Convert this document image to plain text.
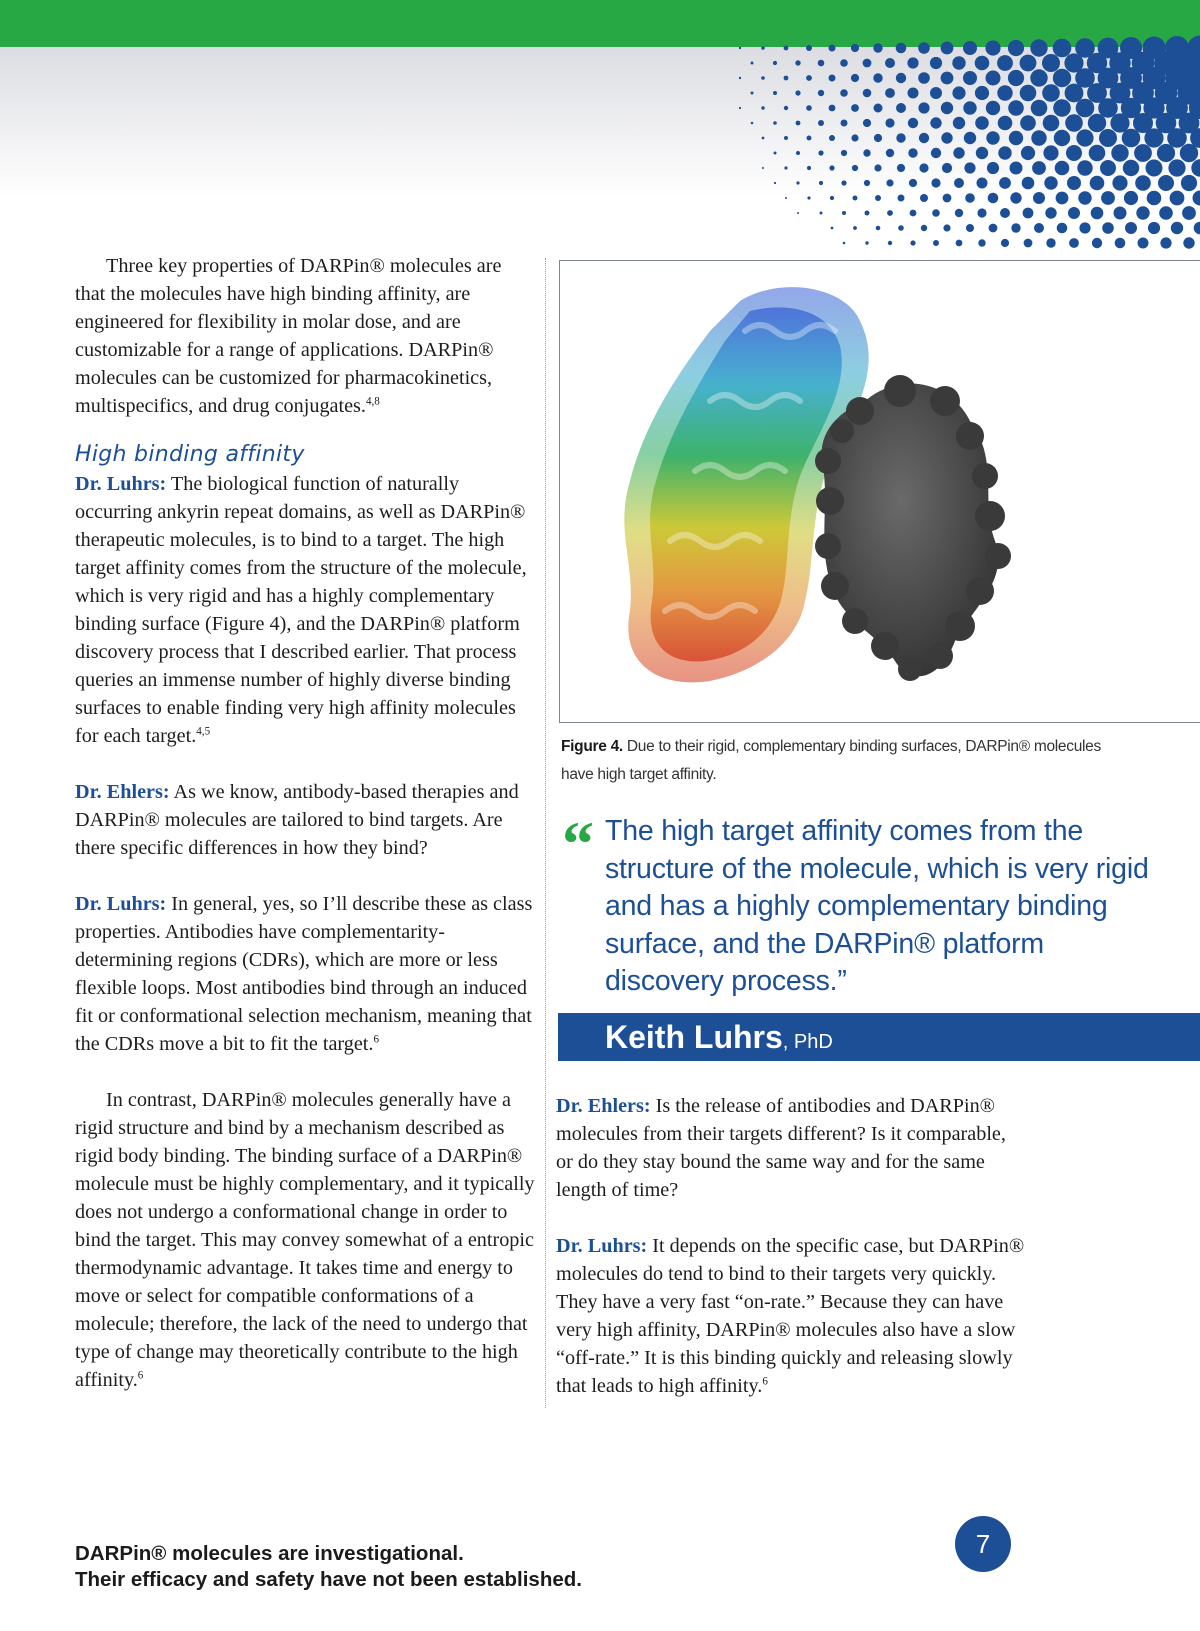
Three key properties of DARPin® molecules are that the molecules have high binding affinity, are engineered for flexibility in molar dose, and are customizable for a range of applications. DARPin® molecules can be customized for pharmacokinetics, multispecifics, and drug conjugates.$^{4,8}$

High binding affinity

Dr. Luhrs: The biological function of naturally occurring ankyrin repeat domains, as well as DARPin® therapeutic molecules, is to bind to a target. The high target affinity comes from the structure of the molecule, which is very rigid and has a highly complementary binding surface (Figure 4), and the DARPin® platform discovery process that I described earlier. That process queries an immense number of highly diverse binding surfaces to enable finding very high affinity molecules for each target.$^{4,5}$

Dr. Ehlers: As we know, antibody-based therapies and DARPin® molecules are tailored to bind targets. Are there specific differences in how they bind?

Dr. Luhrs: In general, yes, so I’ll describe these as class properties. Antibodies have complementarity-determining regions (CDRs), which are more or less flexible loops. Most antibodies bind through an induced fit or conformational selection mechanism, meaning that the CDRs move a bit to fit the target.$^6$

In contrast, DARPin® molecules generally have a rigid structure and bind by a mechanism described as rigid body binding. The binding surface of a DARPin® molecule must be highly complementary, and it typically does not undergo a conformational change in order to bind the target. This may convey somewhat of a entropic thermodynamic advantage. It takes time and energy to move or select for compatible conformations of a molecule; therefore, the lack of the need to undergo that type of change may theoretically contribute to the high affinity.$^6$

Figure 4. Due to their rigid, complementary binding surfaces, DARPin® molecules have high target affinity.
“ The high target affinity comes from the structure of the molecule, which is very rigid and has a highly complementary binding surface, and the DARPin® platform discovery process.”
Keith Luhrs, PhD

Dr. Ehlers: Is the release of antibodies and DARPin® molecules from their targets different? Is it comparable, or do they stay bound the same way and for the same length of time?

Dr. Luhrs: It depends on the specific case, but DARPin® molecules do tend to bind to their targets very quickly. They have a very fast “on-rate.” Because they can have very high affinity, DARPin® molecules also have a slow “off-rate.” It is this binding quickly and releasing slowly that leads to high affinity.$^6$

7
DARPin® molecules are investigational.
Their efficacy and safety have not been established.
